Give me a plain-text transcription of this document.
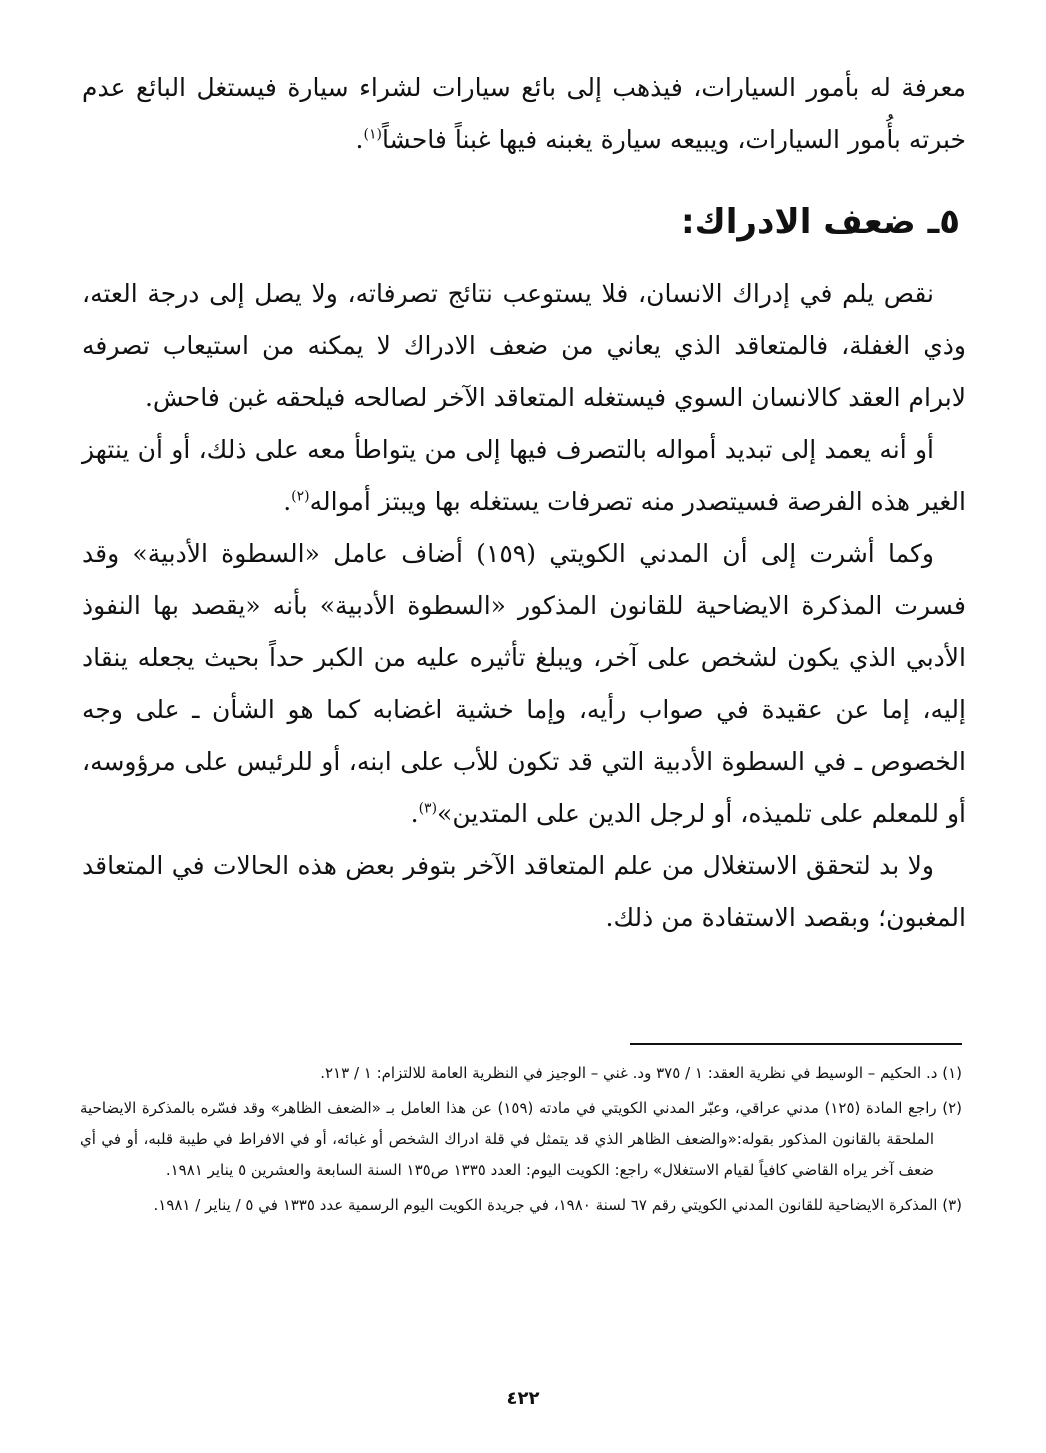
معرفة له بأمور السيارات، فيذهب إلى بائع سيارات لشراء سيارة فيستغل البائع عدم خبرته بأُمور السيارات، ويبيعه سيارة يغبنه فيها غبناً فاحشاً$^{(١)}$.

٥ـ ضعف الادراك:

نقص يلم في إدراك الانسان، فلا يستوعب نتائج تصرفاته، ولا يصل إلى درجة العته، وذي الغفلة، فالمتعاقد الذي يعاني من ضعف الادراك لا يمكنه من استيعاب تصرفه لابرام العقد كالانسان السوي فيستغله المتعاقد الآخر لصالحه فيلحقه غبن فاحش.

أو أنه يعمد إلى تبديد أمواله بالتصرف فيها إلى من يتواطأ معه على ذلك، أو أن ينتهز الغير هذه الفرصة فسيتصدر منه تصرفات يستغله بها ويبتز أمواله$^{(٢)}$.

وكما أشرت إلى أن المدني الكويتي (١٥٩) أضاف عامل «السطوة الأدبية» وقد فسرت المذكرة الايضاحية للقانون المذكور «السطوة الأدبية» بأنه «يقصد بها النفوذ الأدبي الذي يكون لشخص على آخر، ويبلغ تأثيره عليه من الكبر حداً بحيث يجعله ينقاد إليه، إما عن عقيدة في صواب رأيه، وإما خشية اغضابه كما هو الشأن ـ على وجه الخصوص ـ في السطوة الأدبية التي قد تكون للأب على ابنه، أو للرئيس على مرؤوسه، أو للمعلم على تلميذه، أو لرجل الدين على المتدين»$^{(٣)}$.

ولا بد لتحقق الاستغلال من علم المتعاقد الآخر بتوفر بعض هذه الحالات في المتعاقد المغبون؛ وبقصد الاستفادة من ذلك.

(١) د. الحكيم – الوسيط في نظرية العقد: ١ / ٣٧٥ ود. غني – الوجيز في النظرية العامة للالتزام: ١ / ٢١٣.

(٢) راجع المادة (١٢٥) مدني عراقي، وعبّر المدني الكويتي في مادته (١٥٩) عن هذا العامل بـ «الضعف الظاهر» وقد فسّره بالمذكرة الايضاحية الملحقة بالقانون المذكور بقوله:«والضعف الظاهر الذي قد يتمثل في قلة ادراك الشخص أو غبائه، أو في الافراط في طيبة قلبه، أو في أي ضعف آخر يراه القاضي كافياً لقيام الاستغلال» راجع: الكويت اليوم: العدد ١٣٣٥ ص١٣٥ السنة السابعة والعشرين ٥ يناير ١٩٨١.

(٣) المذكرة الايضاحية للقانون المدني الكويتي رقم ٦٧ لسنة ١٩٨٠، في جريدة الكويت اليوم الرسمية عدد ١٣٣٥ في ٥ / يناير / ١٩٨١.

٤٢٢
